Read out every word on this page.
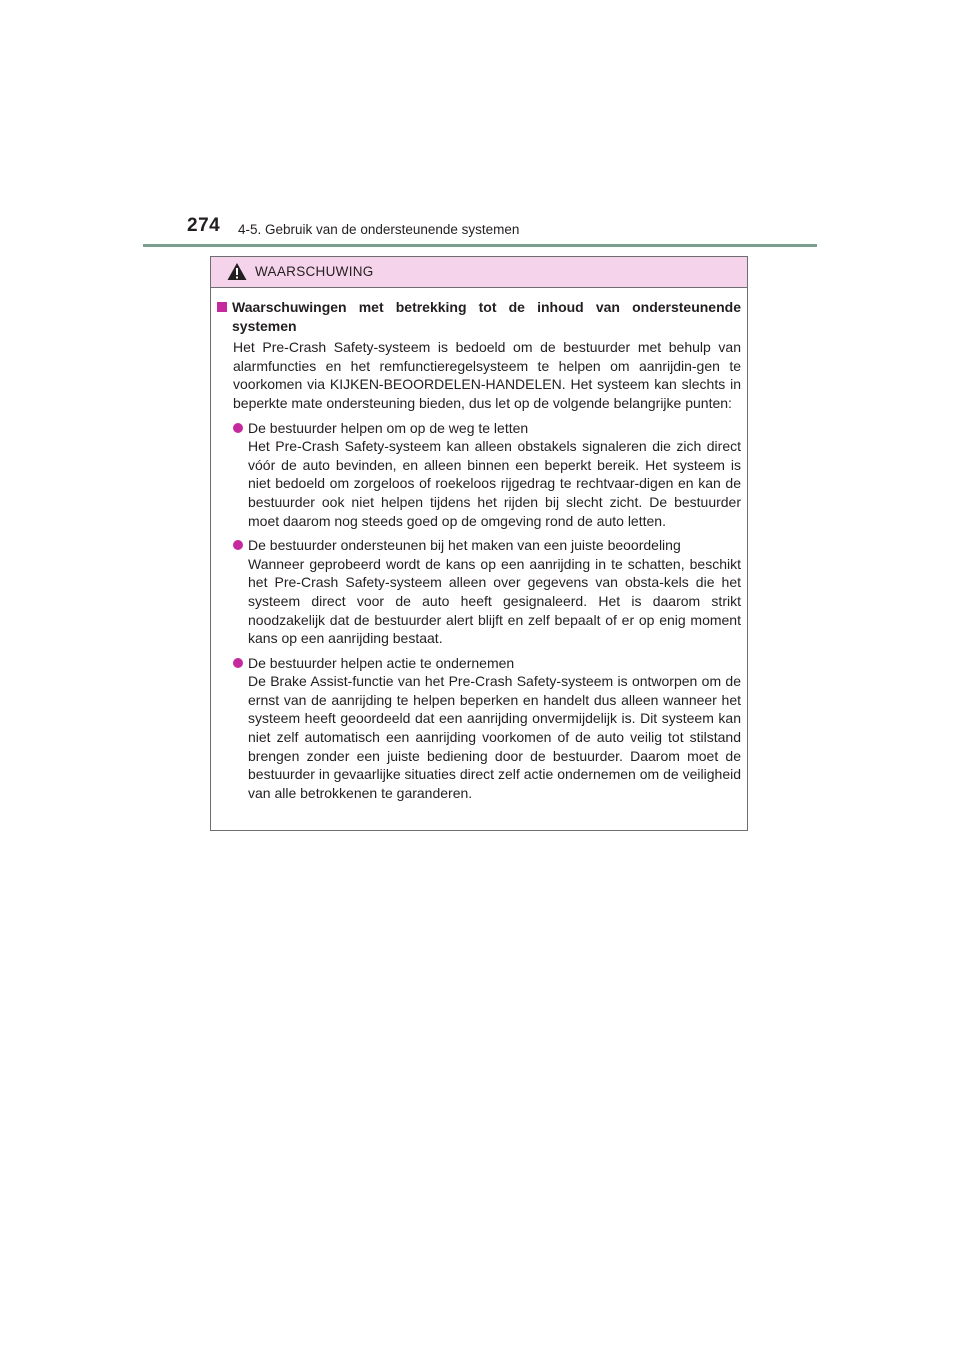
274 4-5. Gebruik van de ondersteunende systemen
WAARSCHUWING
Waarschuwingen met betrekking tot de inhoud van ondersteunende systemen
Het Pre-Crash Safety-systeem is bedoeld om de bestuurder met behulp van alarmfuncties en het remfunctieregelsysteem te helpen om aanrijdin-gen te voorkomen via KIJKEN-BEOORDELEN-HANDELEN. Het systeem kan slechts in beperkte mate ondersteuning bieden, dus let op de volgende belangrijke punten:
De bestuurder helpen om op de weg te letten
Het Pre-Crash Safety-systeem kan alleen obstakels signaleren die zich direct vóór de auto bevinden, en alleen binnen een beperkt bereik. Het systeem is niet bedoeld om zorgeloos of roekeloos rijgedrag te rechtvaar-digen en kan de bestuurder ook niet helpen tijdens het rijden bij slecht zicht. De bestuurder moet daarom nog steeds goed op de omgeving rond de auto letten.
De bestuurder ondersteunen bij het maken van een juiste beoordeling
Wanneer geprobeerd wordt de kans op een aanrijding in te schatten, beschikt het Pre-Crash Safety-systeem alleen over gegevens van obsta-kels die het systeem direct voor de auto heeft gesignaleerd. Het is daarom strikt noodzakelijk dat de bestuurder alert blijft en zelf bepaalt of er op enig moment kans op een aanrijding bestaat.
De bestuurder helpen actie te ondernemen
De Brake Assist-functie van het Pre-Crash Safety-systeem is ontworpen om de ernst van de aanrijding te helpen beperken en handelt dus alleen wanneer het systeem heeft geoordeeld dat een aanrijding onvermijdelijk is. Dit systeem kan niet zelf automatisch een aanrijding voorkomen of de auto veilig tot stilstand brengen zonder een juiste bediening door de bestuurder. Daarom moet de bestuurder in gevaarlijke situaties direct zelf actie ondernemen om de veiligheid van alle betrokkenen te garanderen.
